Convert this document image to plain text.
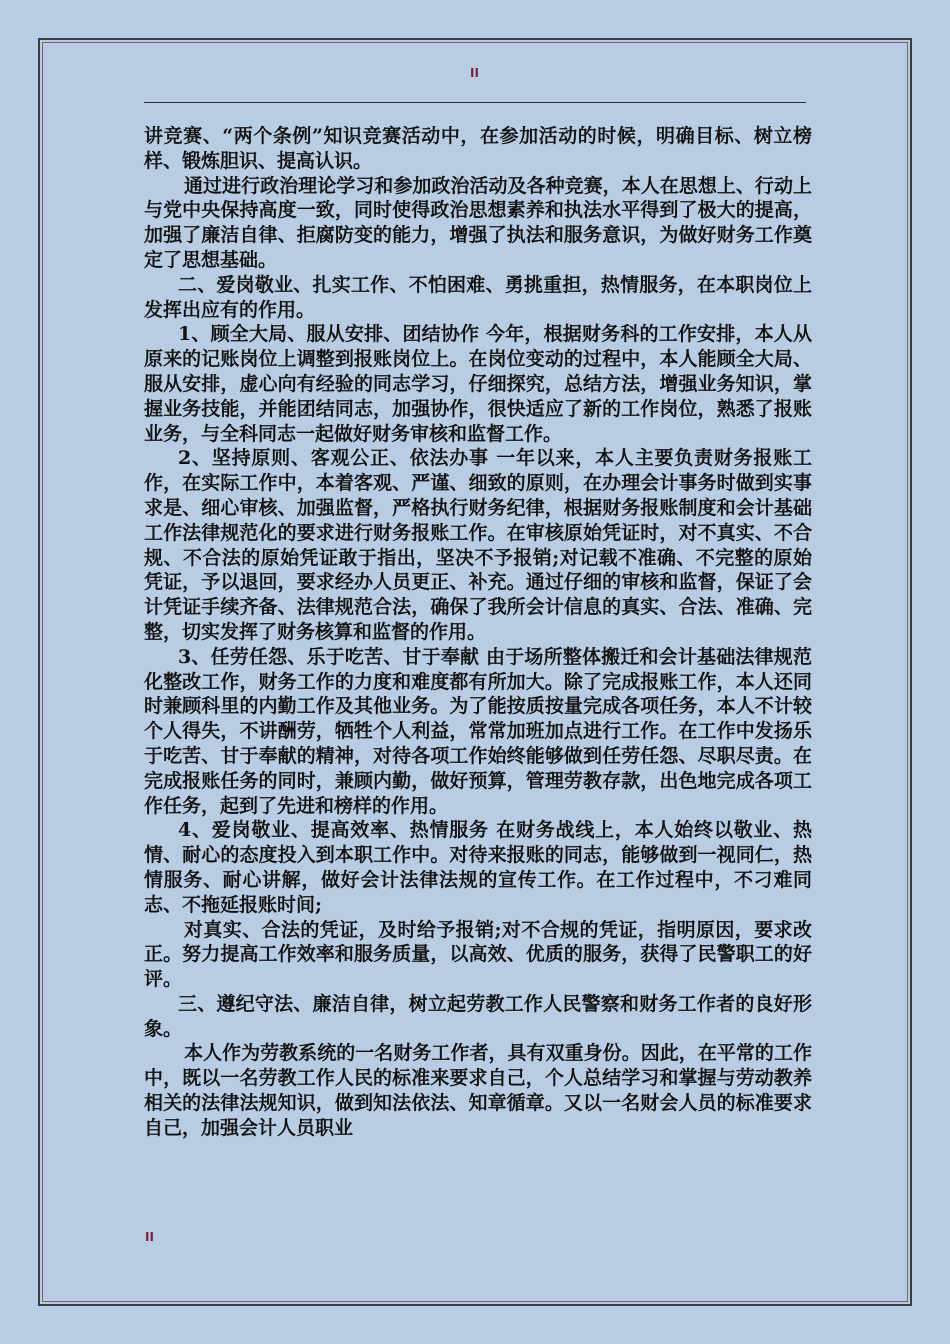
II

讲竞赛、“两个条例”知识竞赛活动中，在参加活动的时候，明确目标、树立榜样、锻炼胆识、提高认识。

通过进行政治理论学习和参加政治活动及各种竞赛，本人在思想上、行动上与党中央保持高度一致，同时使得政治思想素养和执法水平得到了极大的提高，加强了廉洁自律、拒腐防变的能力，增强了执法和服务意识，为做好财务工作奠定了思想基础。

二、爱岗敬业、扎实工作、不怕困难、勇挑重担，热情服务，在本职岗位上发挥出应有的作用。

1、顾全大局、服从安排、团结协作 今年，根据财务科的工作安排，本人从原来的记账岗位上调整到报账岗位上。在岗位变动的过程中，本人能顾全大局、服从安排，虚心向有经验的同志学习，仔细探究，总结方法，增强业务知识，掌握业务技能，并能团结同志，加强协作，很快适应了新的工作岗位，熟悉了报账业务，与全科同志一起做好财务审核和监督工作。

2、坚持原则、客观公正、依法办事 一年以来，本人主要负责财务报账工作，在实际工作中，本着客观、严谨、细致的原则，在办理会计事务时做到实事求是、细心审核、加强监督，严格执行财务纪律，根据财务报账制度和会计基础工作法律规范化的要求进行财务报账工作。在审核原始凭证时，对不真实、不合规、不合法的原始凭证敢于指出，坚决不予报销;对记载不准确、不完整的原始凭证，予以退回，要求经办人员更正、补充。通过仔细的审核和监督，保证了会计凭证手续齐备、法律规范合法，确保了我所会计信息的真实、合法、准确、完整，切实发挥了财务核算和监督的作用。

3、任劳任怨、乐于吃苦、甘于奉献 由于场所整体搬迁和会计基础法律规范化整改工作，财务工作的力度和难度都有所加大。除了完成报账工作，本人还同时兼顾科里的内勤工作及其他业务。为了能按质按量完成各项任务，本人不计较个人得失，不讲酬劳，牺牲个人利益，常常加班加点进行工作。在工作中发扬乐于吃苦、甘于奉献的精神，对待各项工作始终能够做到任劳任怨、尽职尽责。在完成报账任务的同时，兼顾内勤，做好预算，管理劳教存款，出色地完成各项工作任务，起到了先进和榜样的作用。

4、爱岗敬业、提高效率、热情服务 在财务战线上，本人始终以敬业、热情、耐心的态度投入到本职工作中。对待来报账的同志，能够做到一视同仁，热情服务、耐心讲解，做好会计法律法规的宣传工作。在工作过程中，不刁难同志、不拖延报账时间;

对真实、合法的凭证，及时给予报销;对不合规的凭证，指明原因，要求改正。努力提高工作效率和服务质量，以高效、优质的服务，获得了民警职工的好评。

三、遵纪守法、廉洁自律，树立起劳教工作人民警察和财务工作者的良好形象。

本人作为劳教系统的一名财务工作者，具有双重身份。因此，在平常的工作中，既以一名劳教工作人民的标准来要求自己，个人总结学习和掌握与劳动教养相关的法律法规知识，做到知法依法、知章循章。又以一名财会人员的标准要求自己，加强会计人员职业

II
